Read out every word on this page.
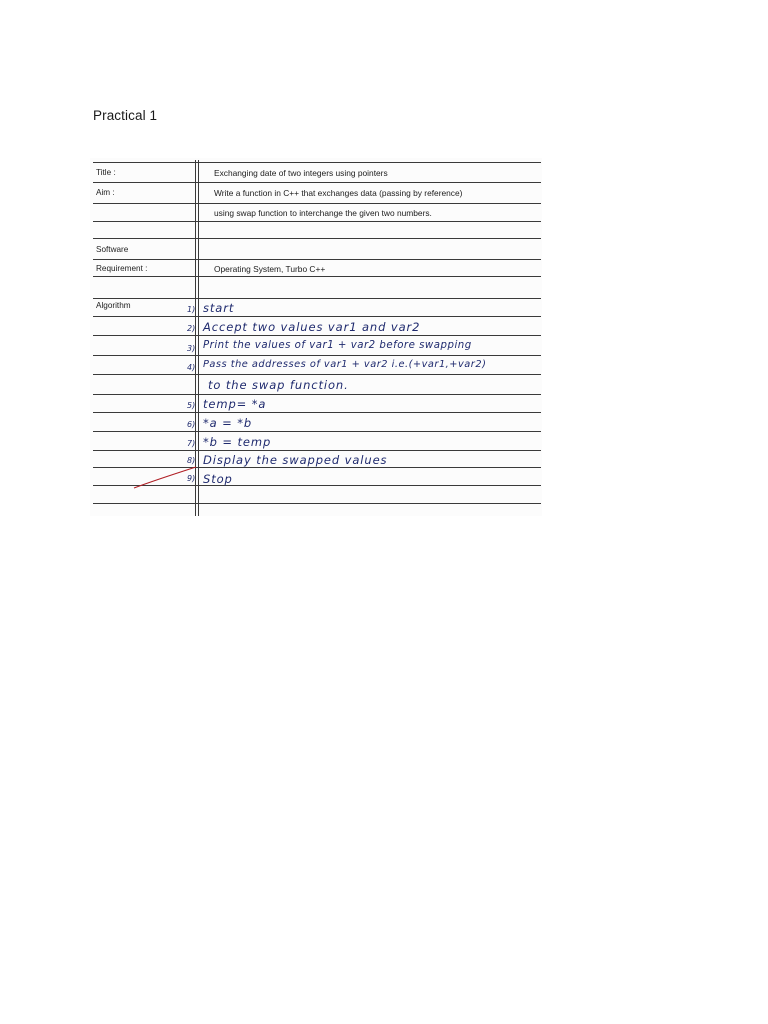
Practical 1
Title :
Aim :
Software
Requirement :
Algorithm
Exchanging date of two integers using pointers
Write a function in C++ that exchanges data (passing by reference)
using swap function to interchange the given two numbers.
Operating System, Turbo C++
1) start
2) Accept two values var1 and var2
3) Print the values of var1 + var2 before swapping
4) Pass the addresses of var1 + var2 i.e.(+var1,+var2)
to the swap function.
5) temp= *a
6) *a = *b
7) *b = temp
8) Display the swapped values
9) Stop
